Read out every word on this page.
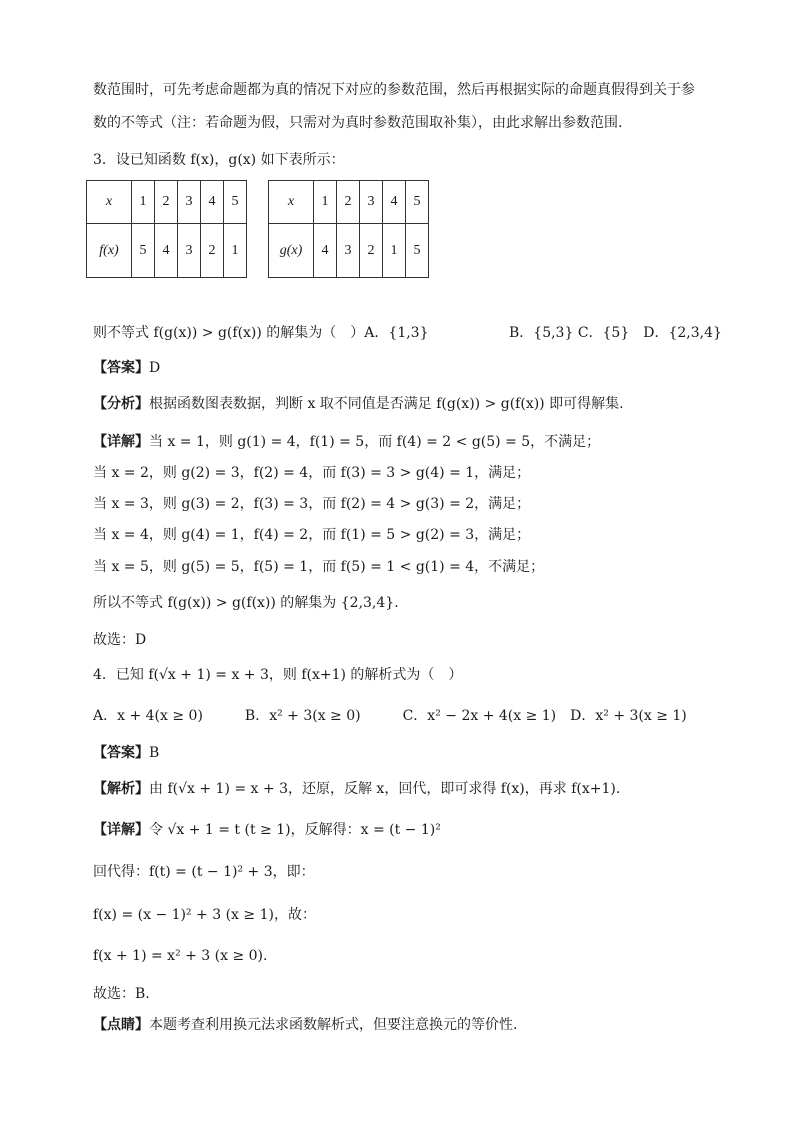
数范围时，可先考虑命题都为真的情况下对应的参数范围，然后再根据实际的命题真假得到关于参
数的不等式（注：若命题为假，只需对为真时参数范围取补集），由此求解出参数范围.
3．设已知函数 f(x)，g(x) 如下表所示：
x	1	2	3	4	5
f(x)	5	4	3	2	1
x	1	2	3	4	5
g(x)	4	3	2	1	5
则不等式 f(g(x)) > g(f(x)) 的解集为（　）A．{1,3}	B．{5,3} C．{5}　D．{2,3,4}
【答案】D
【分析】根据函数图表数据，判断 x 取不同值是否满足 f(g(x)) > g(f(x)) 即可得解集.
【详解】当 x = 1，则 g(1) = 4，f(1) = 5，而 f(4) = 2 < g(5) = 5，不满足；
当 x = 2，则 g(2) = 3，f(2) = 4，而 f(3) = 3 > g(4) = 1，满足；
当 x = 3，则 g(3) = 2，f(3) = 3，而 f(2) = 4 > g(3) = 2，满足；
当 x = 4，则 g(4) = 1，f(4) = 2，而 f(1) = 5 > g(2) = 3，满足；
当 x = 5，则 g(5) = 5，f(5) = 1，而 f(5) = 1 < g(1) = 4，不满足；
所以不等式 f(g(x)) > g(f(x)) 的解集为 {2,3,4}.
故选：D
4．已知 f(√x + 1) = x + 3，则 f(x+1) 的解析式为（　）
A．x + 4(x ≥ 0)　　　B．x² + 3(x ≥ 0)　　　C．x² − 2x + 4(x ≥ 1)　D．x² + 3(x ≥ 1)
【答案】B
【解析】由 f(√x + 1) = x + 3，还原，反解 x，回代，即可求得 f(x)，再求 f(x+1).
【详解】令 √x + 1 = t (t ≥ 1)，反解得：x = (t − 1)²
回代得：f(t) = (t − 1)² + 3，即：
f(x) = (x − 1)² + 3 (x ≥ 1)，故：
f(x + 1) = x² + 3 (x ≥ 0).
故选：B.
【点睛】本题考查利用换元法求函数解析式，但要注意换元的等价性.
